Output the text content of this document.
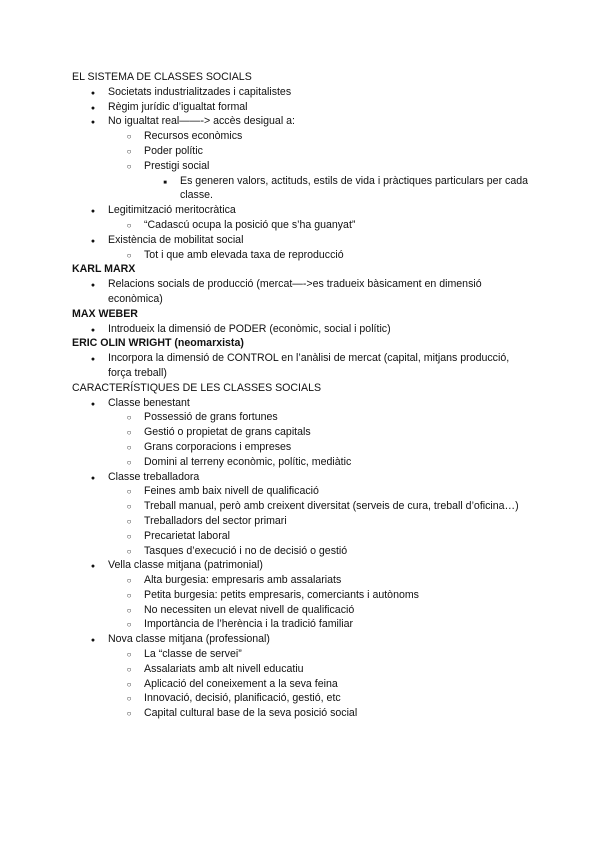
EL SISTEMA DE CLASSES SOCIALS
●
Societats industrialitzades i capitalistes
●
Règim jurídic d’igualtat formal
●
No igualtat real——-> accès desigual a:
○
Recursos econòmics
○
Poder polític
○
Prestigi social
■
Es generen valors, actituds, estils de vida i pràctiques particulars per cada classe.
●
Legitimització meritocràtica
○
“Cadascú ocupa la posició que s’ha guanyat”
●
Existència de mobilitat social
○
Tot i que amb elevada taxa de reproducció
KARL MARX
●
Relacions socials de producció (mercat—->es tradueix bàsicament en dimensió econòmica)
MAX WEBER
●
Introdueix la dimensió de PODER (econòmic, social i polític)
ERIC OLIN WRIGHT (neomarxista)
●
Incorpora la dimensió de CONTROL en l’anàlisi de mercat (capital, mitjans producció, força treball)
CARACTERÍSTIQUES DE LES CLASSES SOCIALS
●
Classe benestant
○
Possessió de grans fortunes
○
Gestió o propietat de grans capitals
○
Grans corporacions i empreses
○
Domini al terreny econòmic, polític, mediàtic
●
Classe treballadora
○
Feines amb baix nivell de qualificació
○
Treball manual, però amb creixent diversitat (serveis de cura, treball d’oficina…)
○
Treballadors del sector primari
○
Precarietat laboral
○
Tasques d’execució i no de decisió o gestió
●
Vella classe mitjana (patrimonial)
○
Alta burgesia: empresaris amb assalariats
○
Petita burgesia: petits empresaris, comerciants i autònoms
○
No necessiten un elevat nivell de qualificació
○
Importància de l’herència i la tradició familiar
●
Nova classe mitjana (professional)
○
La “classe de servei”
○
Assalariats amb alt nivell educatiu
○
Aplicació del coneixement a la seva feina
○
Innovació, decisió, planificació, gestió, etc
○
Capital cultural base de la seva posició social
